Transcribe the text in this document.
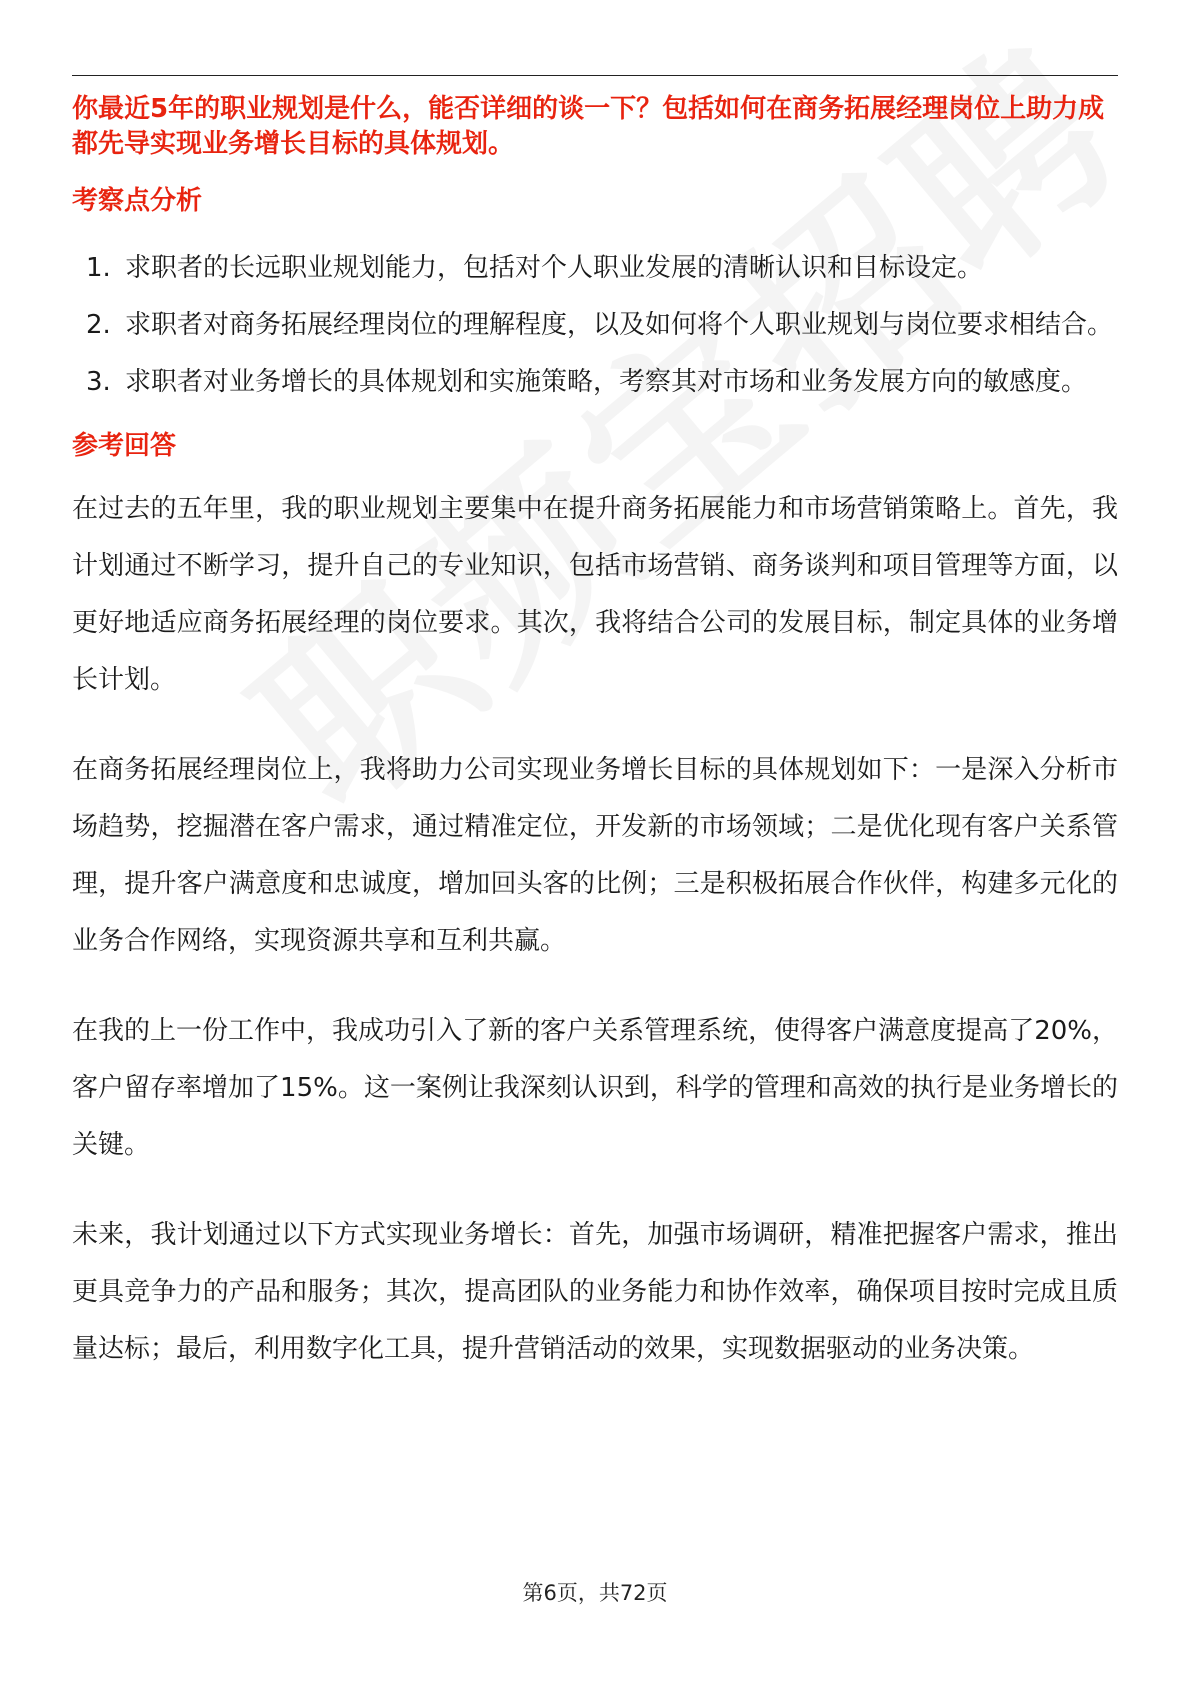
你最近5年的职业规划是什么，能否详细的谈一下？包括如何在商务拓展经理岗位上助力成都先导实现业务增长目标的具体规划。

考察点分析
1. 求职者的长远职业规划能力，包括对个人职业发展的清晰认识和目标设定。
2. 求职者对商务拓展经理岗位的理解程度，以及如何将个人职业规划与岗位要求相结合。
3. 求职者对业务增长的具体规划和实施策略，考察其对市场和业务发展方向的敏感度。
参考回答

在过去的五年里，我的职业规划主要集中在提升商务拓展能力和市场营销策略上。首先，我计划通过不断学习，提升自己的专业知识，包括市场营销、商务谈判和项目管理等方面，以更好地适应商务拓展经理的岗位要求。其次，我将结合公司的发展目标，制定具体的业务增长计划。

在商务拓展经理岗位上，我将助力公司实现业务增长目标的具体规划如下：一是深入分析市场趋势，挖掘潜在客户需求，通过精准定位，开发新的市场领域；二是优化现有客户关系管理，提升客户满意度和忠诚度，增加回头客的比例；三是积极拓展合作伙伴，构建多元化的业务合作网络，实现资源共享和互利共赢。

在我的上一份工作中，我成功引入了新的客户关系管理系统，使得客户满意度提高了20%，客户留存率增加了15%。这一案例让我深刻认识到，科学的管理和高效的执行是业务增长的关键。

未来，我计划通过以下方式实现业务增长：首先，加强市场调研，精准把握客户需求，推出更具竞争力的产品和服务；其次，提高团队的业务能力和协作效率，确保项目按时完成且质量达标；最后，利用数字化工具，提升营销活动的效果，实现数据驱动的业务决策。

第6页，共72页
